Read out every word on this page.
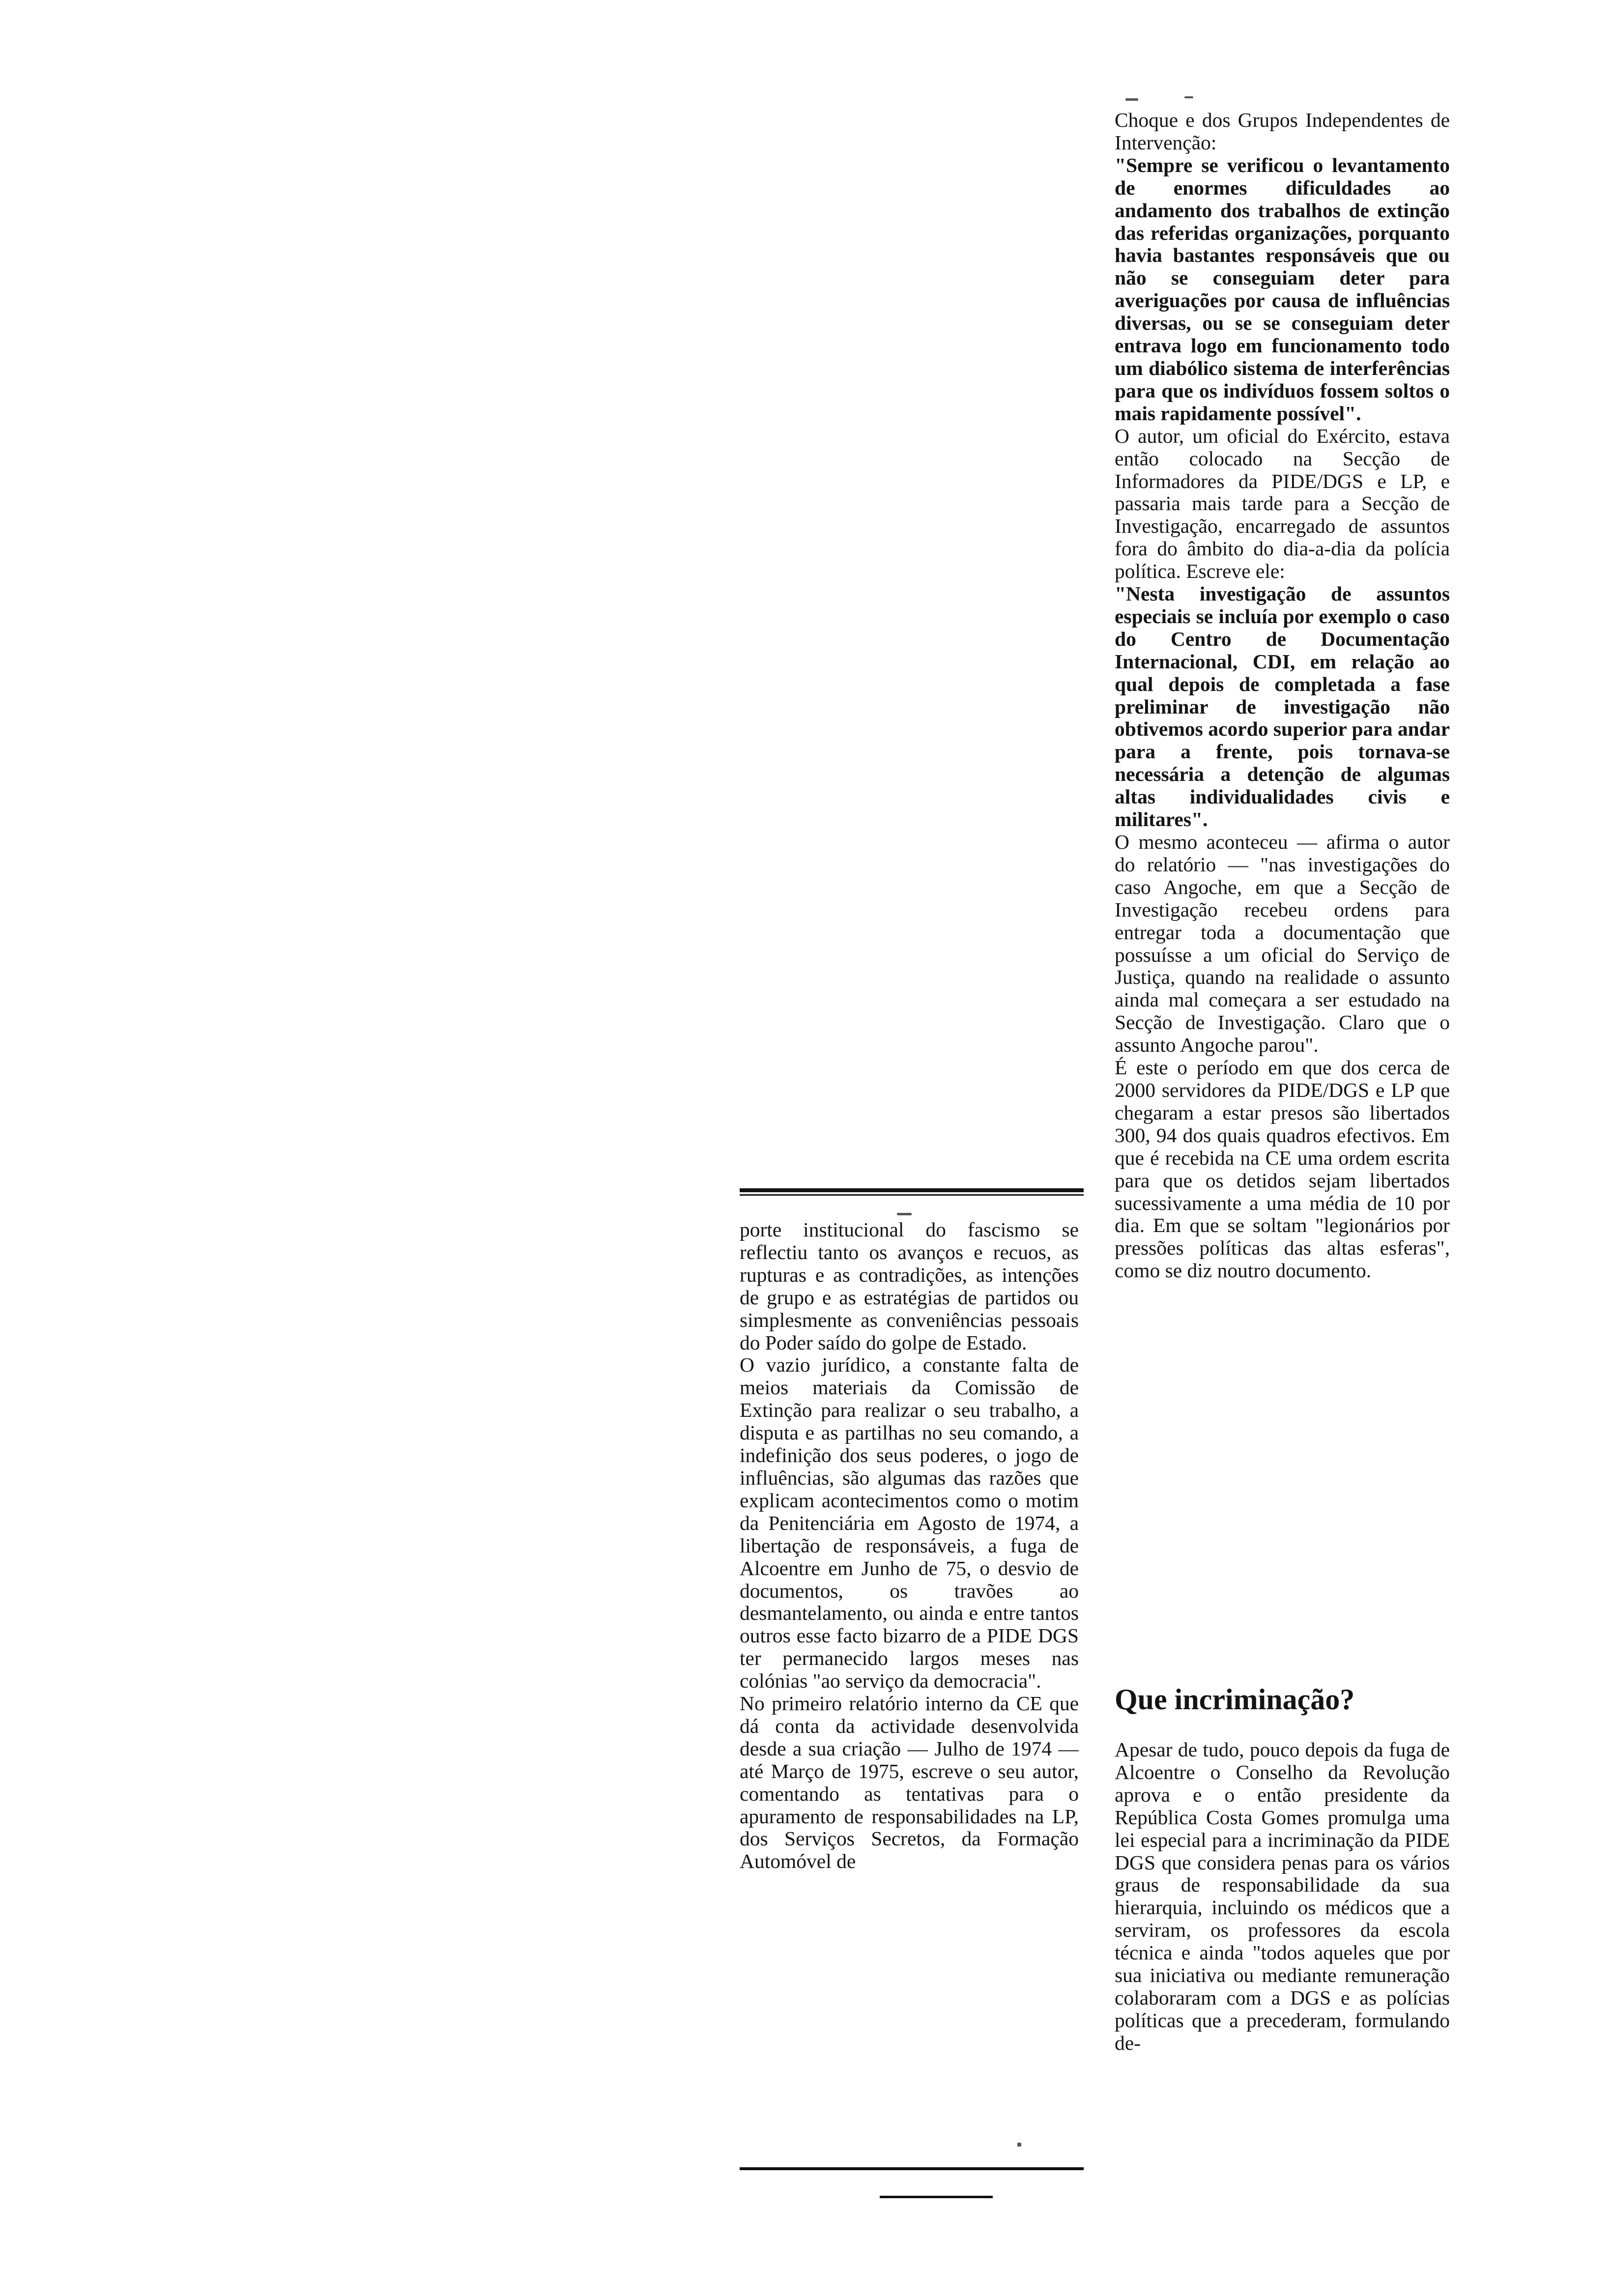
porte institucional do fascismo se reflectiu tanto os avanços e recuos, as rupturas e as contradições, as intenções de grupo e as estratégias de partidos ou simplesmente as conveniências pessoais do Poder saído do golpe de Estado.

O vazio jurídico, a constante falta de meios materiais da Comissão de Extinção para realizar o seu trabalho, a disputa e as partilhas no seu comando, a indefinição dos seus poderes, o jogo de influências, são algumas das razões que explicam acontecimentos como o motim da Penitenciária em Agosto de 1974, a libertação de responsáveis, a fuga de Alcoentre em Junho de 75, o desvio de documentos, os travões ao desmantelamento, ou ainda e entre tantos outros esse facto bizarro de a PIDE DGS ter permanecido largos meses nas colónias "ao serviço da democracia".

No primeiro relatório interno da CE que dá conta da actividade desenvolvida desde a sua criação — Julho de 1974 — até Março de 1975, escreve o seu autor, comentando as tentativas para o apuramento de responsabilidades na LP, dos Serviços Secretos, da Formação Automóvel de

Choque e dos Grupos Independentes de Intervenção:

"Sempre se verificou o levantamento de enormes dificuldades ao andamento dos trabalhos de extinção das referidas organizações, porquanto havia bastantes responsáveis que ou não se conseguiam deter para averiguações por causa de influências diversas, ou se se conseguiam deter entrava logo em funcionamento todo um diabólico sistema de interferências para que os indivíduos fossem soltos o mais rapidamente possível".

O autor, um oficial do Exército, estava então colocado na Secção de Informadores da PIDE/DGS e LP, e passaria mais tarde para a Secção de Investigação, encarregado de assuntos fora do âmbito do dia-a-dia da polícia política. Escreve ele:

"Nesta investigação de assuntos especiais se incluía por exemplo o caso do Centro de Documentação Internacional, CDI, em relação ao qual depois de completada a fase preliminar de investigação não obtivemos acordo superior para andar para a frente, pois tornava-se necessária a detenção de algumas altas individualidades civis e militares".

O mesmo aconteceu — afirma o autor do relatório — "nas investigações do caso Angoche, em que a Secção de Investigação recebeu ordens para entregar toda a documentação que possuísse a um oficial do Serviço de Justiça, quando na realidade o assunto ainda mal começara a ser estudado na Secção de Investigação. Claro que o assunto Angoche parou".

É este o período em que dos cerca de 2000 servidores da PIDE/DGS e LP que chegaram a estar presos são libertados 300, 94 dos quais quadros efectivos. Em que é recebida na CE uma ordem escrita para que os detidos sejam libertados sucessivamente a uma média de 10 por dia. Em que se soltam "legionários por pressões políticas das altas esferas", como se diz noutro documento.

Que incriminação?

Apesar de tudo, pouco depois da fuga de Alcoentre o Conselho da Revolução aprova e o então presidente da República Costa Gomes promulga uma lei especial para a incriminação da PIDE DGS que considera penas para os vários graus de responsabilidade da sua hierarquia, incluindo os médicos que a serviram, os professores da escola técnica e ainda "todos aqueles que por sua iniciativa ou mediante remuneração colaboraram com a DGS e as polícias políticas que a precederam, formulando de-
